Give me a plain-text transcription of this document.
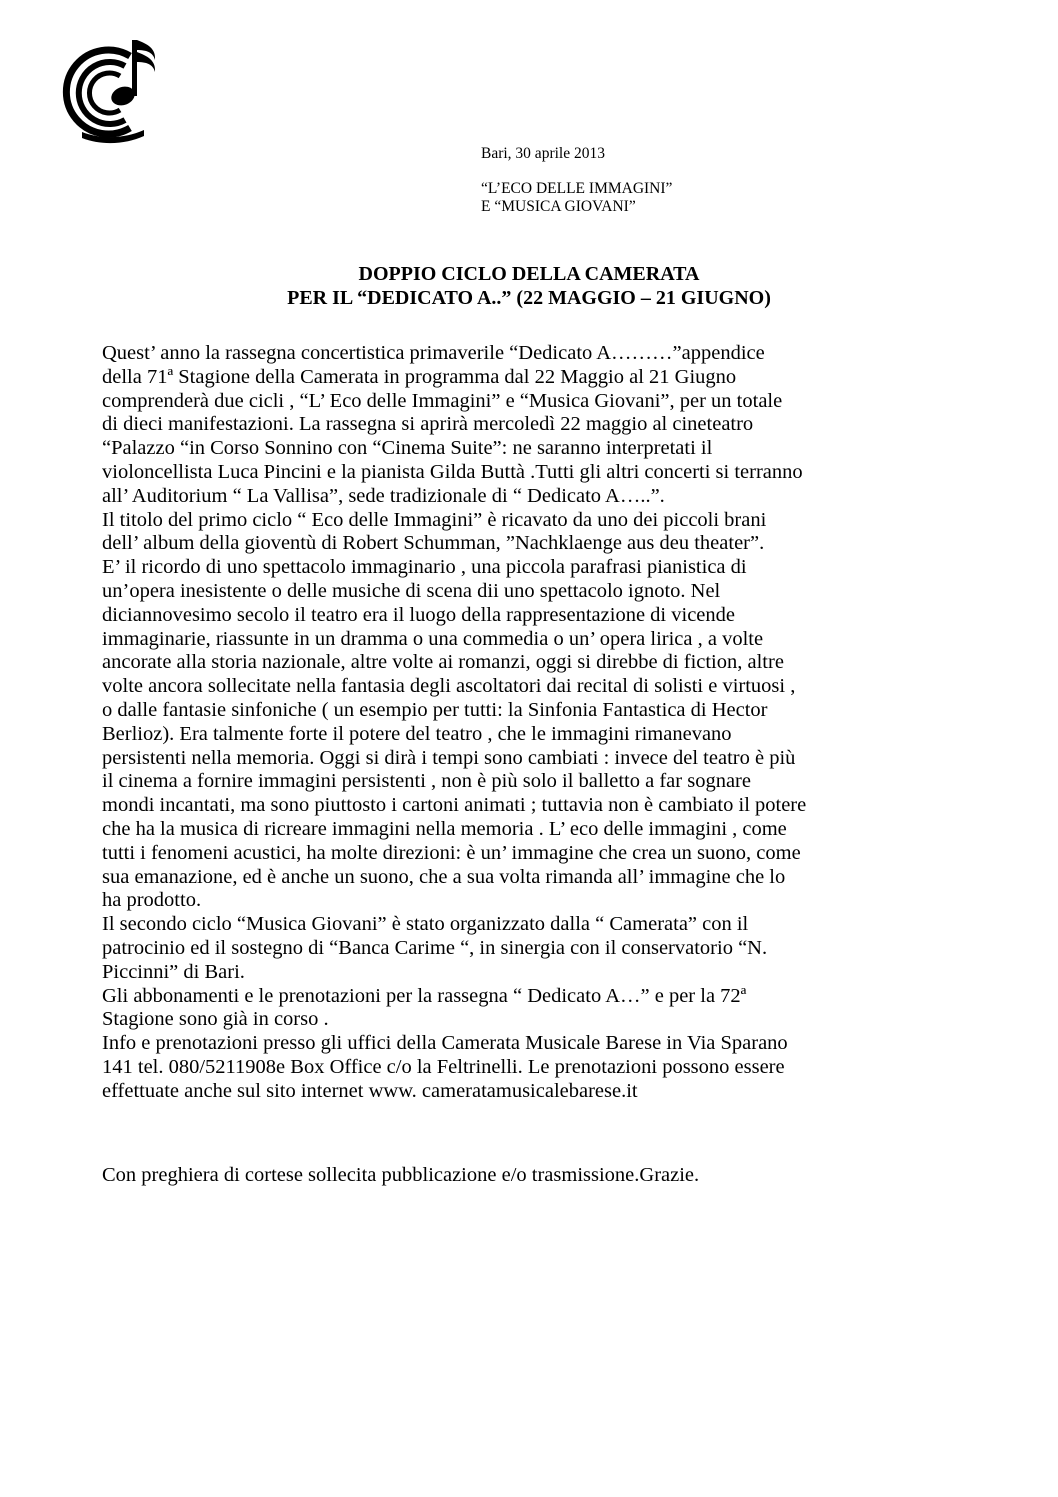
Bari, 30 aprile 2013
“L’ECO DELLE IMMAGINI”
E “MUSICA GIOVANI”
DOPPIO CICLO DELLA CAMERATA
PER IL “DEDICATO A..” (22 MAGGIO – 21 GIUGNO)
Quest’ anno la rassegna concertistica primaverile “Dedicato A………”appendice
della 71ª Stagione della Camerata in programma dal 22 Maggio al 21 Giugno
comprenderà due cicli , “L’ Eco delle Immagini” e “Musica Giovani”, per un totale
di dieci manifestazioni. La rassegna si aprirà mercoledì 22 maggio al cineteatro
“Palazzo “in Corso Sonnino con “Cinema Suite”: ne saranno interpretati il
violoncellista Luca Pincini e la pianista Gilda Buttà .Tutti gli altri concerti si terranno
all’ Auditorium “ La Vallisa”, sede tradizionale di “ Dedicato A…..”.
Il titolo del primo ciclo “ Eco delle Immagini” è ricavato da uno dei piccoli brani
dell’ album della gioventù di Robert Schumman, ”Nachklaenge aus deu theater”.
E’ il ricordo di uno spettacolo immaginario , una piccola parafrasi pianistica di
un’opera inesistente o delle musiche di scena dii uno spettacolo ignoto. Nel
diciannovesimo secolo il teatro era il luogo della rappresentazione di vicende
immaginarie, riassunte in un dramma o una commedia o un’ opera lirica , a volte
ancorate alla storia nazionale, altre volte ai romanzi, oggi si direbbe di fiction, altre
volte ancora sollecitate nella fantasia degli ascoltatori dai recital di solisti e virtuosi ,
o dalle fantasie sinfoniche ( un esempio per tutti: la Sinfonia Fantastica di Hector
Berlioz). Era talmente forte il potere del teatro , che le immagini rimanevano
persistenti nella memoria. Oggi si dirà i tempi sono cambiati : invece del teatro è più
il cinema a fornire immagini persistenti , non è più solo il balletto a far sognare
mondi incantati, ma sono piuttosto i cartoni animati ; tuttavia non è cambiato il potere
che ha la musica di ricreare immagini nella memoria . L’ eco delle immagini , come
tutti i fenomeni acustici, ha molte direzioni: è un’ immagine che crea un suono, come
sua emanazione, ed è anche un suono, che a sua volta rimanda all’ immagine che lo
ha prodotto.
Il secondo ciclo “Musica Giovani” è stato organizzato dalla “ Camerata” con il
patrocinio ed il sostegno di “Banca Carime “, in sinergia con il conservatorio “N.
Piccinni” di Bari.
Gli abbonamenti e le prenotazioni per la rassegna “ Dedicato A…” e per la 72ª
Stagione sono già in corso .
Info e prenotazioni presso gli uffici della Camerata Musicale Barese in Via Sparano
141 tel. 080/5211908e Box Office c/o la Feltrinelli. Le prenotazioni possono essere
effettuate anche sul sito internet www. cameratamusicalebarese.it
Con preghiera di cortese sollecita pubblicazione e/o trasmissione.Grazie.
